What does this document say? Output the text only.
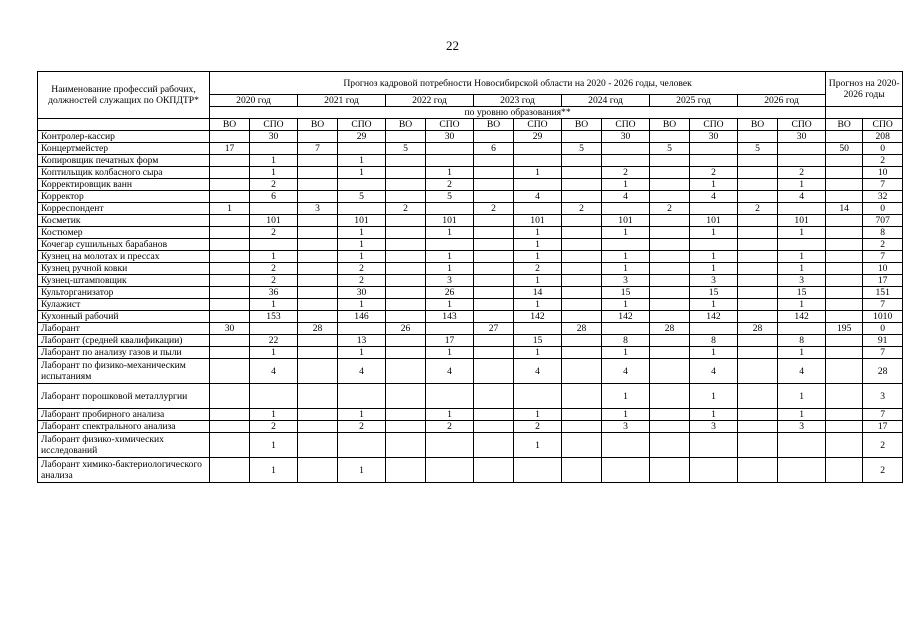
22
Наименование профессий рабочих, должностей служащих по ОКПДТР*	Прогноз кадровой потребности Новосибирской области на 2020 - 2026 годы, человек														Прогноз на 2020-2026 годы	
	2020 год		2021 год		2022 год		2023 год		2024 год		2025 год		2026 год			
	по уровню образования**															
	ВО	СПО	ВО	СПО	ВО	СПО	ВО	СПО	ВО	СПО	ВО	СПО	ВО	СПО	ВО	СПО
Контролер-кассир		30		29		30		29		30		30		30		208
Концертмейстер	17		7		5		6		5		5		5		50	0
Копировщик печатных форм		1		1												2
Коптильщик колбасного сыра		1		1		1		1		2		2		2		10
Корректировщик ванн		2				2				1		1		1		7
Корректор		6		5		5		4		4		4		4		32
Корреспондент	1		3		2		2		2		2		2		14	0
Косметик		101		101		101		101		101		101		101		707
Костюмер		2		1		1		1		1		1		1		8
Кочегар сушильных барабанов				1				1								2
Кузнец на молотах и прессах		1		1		1		1		1		1		1		7
Кузнец ручной ковки		2		2		1		2		1		1		1		10
Кузнец-штамповщик		2		2		3		1		3		3		3		17
Культорганизатор		36		30		26		14		15		15		15		151
Кулажист		1		1		1		1		1		1		1		7
Кухонный рабочий		153		146		143		142		142		142		142		1010
Лаборант	30		28		26		27		28		28		28		195	0
Лаборант (средней квалификации)		22		13		17		15		8		8		8		91
Лаборант по анализу газов и пыли		1		1		1		1		1		1		1		7
Лаборант по физико-механическим испытаниям		4		4		4		4		4		4		4		28
Лаборант порошковой металлургии										1		1		1		3
Лаборант пробирного анализа		1		1		1		1		1		1		1		7
Лаборант спектрального анализа		2		2		2		2		3		3		3		17
Лаборант физико-химических исследований		1						1								2
Лаборант химико-бактериологического анализа		1		1												2
